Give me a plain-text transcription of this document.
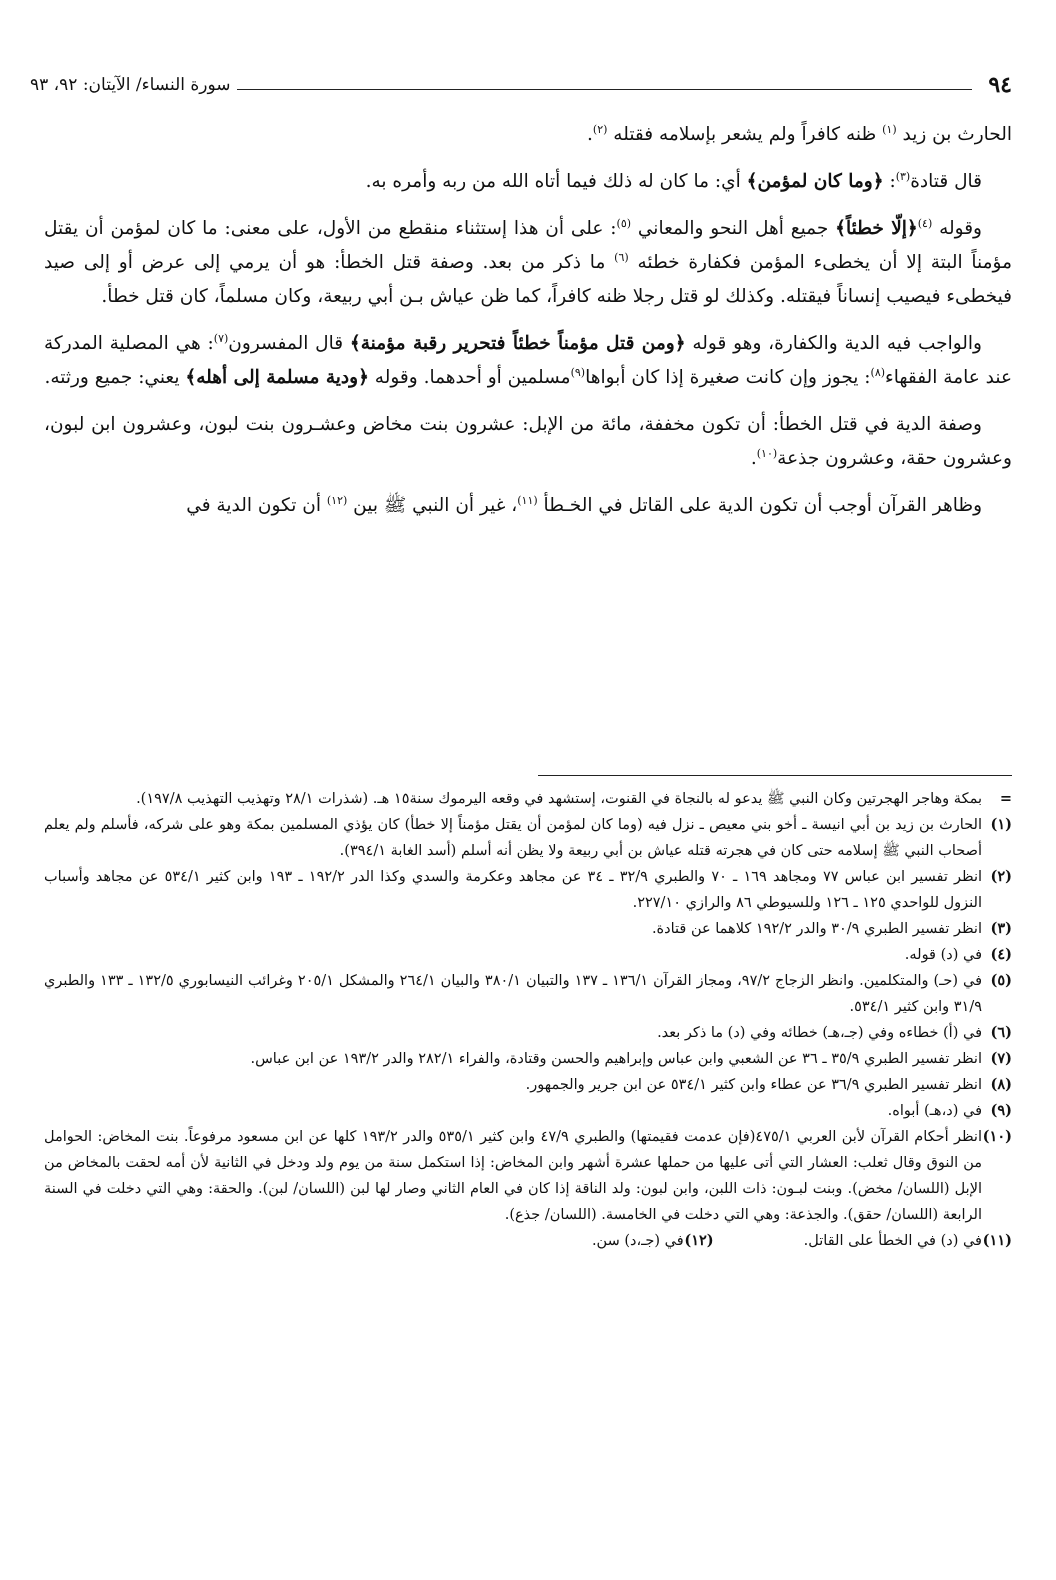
٩٤
سورة النساء/ الآيتان: ٩٢، ٩٣

الحارث بن زيد $^{(١)}$ ظنه كافراً ولم يشعر بإسلامه فقتله $^{(٢)}$.

قال قتادة$^{(٣)}$: ﴿وما كان لمؤمن﴾ أي: ما كان له ذلك فيما أتاه الله من ربه وأمره به.

وقوله $^{(٤)}$﴿إلّا خطئاً﴾ جميع أهل النحو والمعاني $^{(٥)}$: على أن هذا إستثناء منقطع من الأول، على معنى: ما كان لمؤمن أن يقتل مؤمناً البتة إلا أن يخطىء المؤمن فكفارة خطئه $^{(٦)}$ ما ذكر من بعد. وصفة قتل الخطأ: هو أن يرمي إلى عرض أو إلى صيد فيخطىء فيصيب إنساناً فيقتله. وكذلك لو قتل رجلا ظنه كافراً، كما ظن عياش بـن أبي ربيعة، وكان مسلماً، كان قتل خطأ.

والواجب فيه الدية والكفارة، وهو قوله ﴿ومن قتل مؤمناً خطئاً فتحرير رقبة مؤمنة﴾ قال المفسرون$^{(٧)}$: هي المصلية المدركة عند عامة الفقهاء$^{(٨)}$: يجوز وإن كانت صغيرة إذا كان أبواها$^{(٩)}$مسلمين أو أحدهما. وقوله ﴿ودية مسلمة إلى أهله﴾ يعني: جميع ورثته.

وصفة الدية في قتل الخطأ: أن تكون مخففة، مائة من الإبل: عشرون بنت مخاض وعشـرون بنت لبون، وعشرون ابن لبون، وعشرون حقة، وعشرون جذعة$^{(١٠)}$.

وظاهر القرآن أوجب أن تكون الدية على القاتل في الخـطأ $^{(١١)}$، غير أن النبي ﷺ بين $^{(١٢)}$ أن تكون الدية في

=
بمكة وهاجر الهجرتين وكان النبي ﷺ يدعو له بالنجاة في القنوت، إستشهد في وقعه اليرموك سنة١٥ هـ. (شذرات ٢٨/١ وتهذيب التهذيب ١٩٧/٨).
(١)
الحارث بن زيد بن أبي انيسة ـ أخو بني معيص ـ نزل فيه (وما كان لمؤمن أن يقتل مؤمناً إلا خطأ) كان يؤذي المسلمين بمكة وهو على شركه، فأسلم ولم يعلم أصحاب النبي ﷺ إسلامه حتى كان في هجرته قتله عياش بن أبي ربيعة ولا يظن أنه أسلم (أسد الغابة ٣٩٤/١).
(٢)
انظر تفسير ابن عباس ٧٧ ومجاهد ١٦٩ ـ ٧٠ والطبري ٣٢/٩ ـ ٣٤ عن مجاهد وعكرمة والسدي وكذا الدر ١٩٢/٢ ـ ١٩٣ وابن كثير ٥٣٤/١ عن مجاهد وأسباب النزول للواحدي ١٢٥ ـ ١٢٦ وللسيوطي ٨٦ والرازي ٢٢٧/١٠.
(٣)
انظر تفسير الطبري ٣٠/٩ والدر ١٩٢/٢ كلاهما عن قتادة.
(٤)
في (د) قوله.
(٥)
في (حـ) والمتكلمين. وانظر الزجاج ٩٧/٢، ومجاز القرآن ١٣٦/١ ـ ١٣٧ والتبيان ٣٨٠/١ والبيان ٢٦٤/١ والمشكل ٢٠٥/١ وغرائب النيسابوري ١٣٢/٥ ـ ١٣٣ والطبري ٣١/٩ وابن كثير ٥٣٤/١.
(٦)
في (أ) خطاءه وفي (جـ،هـ) خطائه وفي (د) ما ذكر بعد.
(٧)
انظر تفسير الطبري ٣٥/٩ ـ ٣٦ عن الشعبي وابن عباس وإبراهيم والحسن وقتادة، والفراء ٢٨٢/١ والدر ١٩٣/٢ عن ابن عباس.
(٨)
انظر تفسير الطبري ٣٦/٩ عن عطاء وابن كثير ٥٣٤/١ عن ابن جرير والجمهور.
(٩)
في (د،هـ) أبواه.
(١٠)
انظر أحكام القرآن لأبن العربي ٤٧٥/١(فإن عدمت فقيمتها) والطبري ٤٧/٩ وابن كثير ٥٣٥/١ والدر ١٩٣/٢ كلها عن ابن مسعود مرفوعاً. بنت المخاض: الحوامل من النوق وقال ثعلب: العشار التي أتى عليها من حملها عشرة أشهر وابن المخاض: إذا استكمل سنة من يوم ولد ودخل في الثانية لأن أمه لحقت بالمخاض من الإبل (اللسان/ مخض). وبنت لبـون: ذات اللبن، وابن لبون: ولد الناقة إذا كان في العام الثاني وصار لها لبن (اللسان/ لبن). والحقة: وهي التي دخلت في السنة الرابعة (اللسان/ حقق). والجذعة: وهي التي دخلت في الخامسة. (اللسان/ جذع).
(١١)
في (د) في الخطأ على القاتل.
(١٢)
في (جـ،د) سن.
